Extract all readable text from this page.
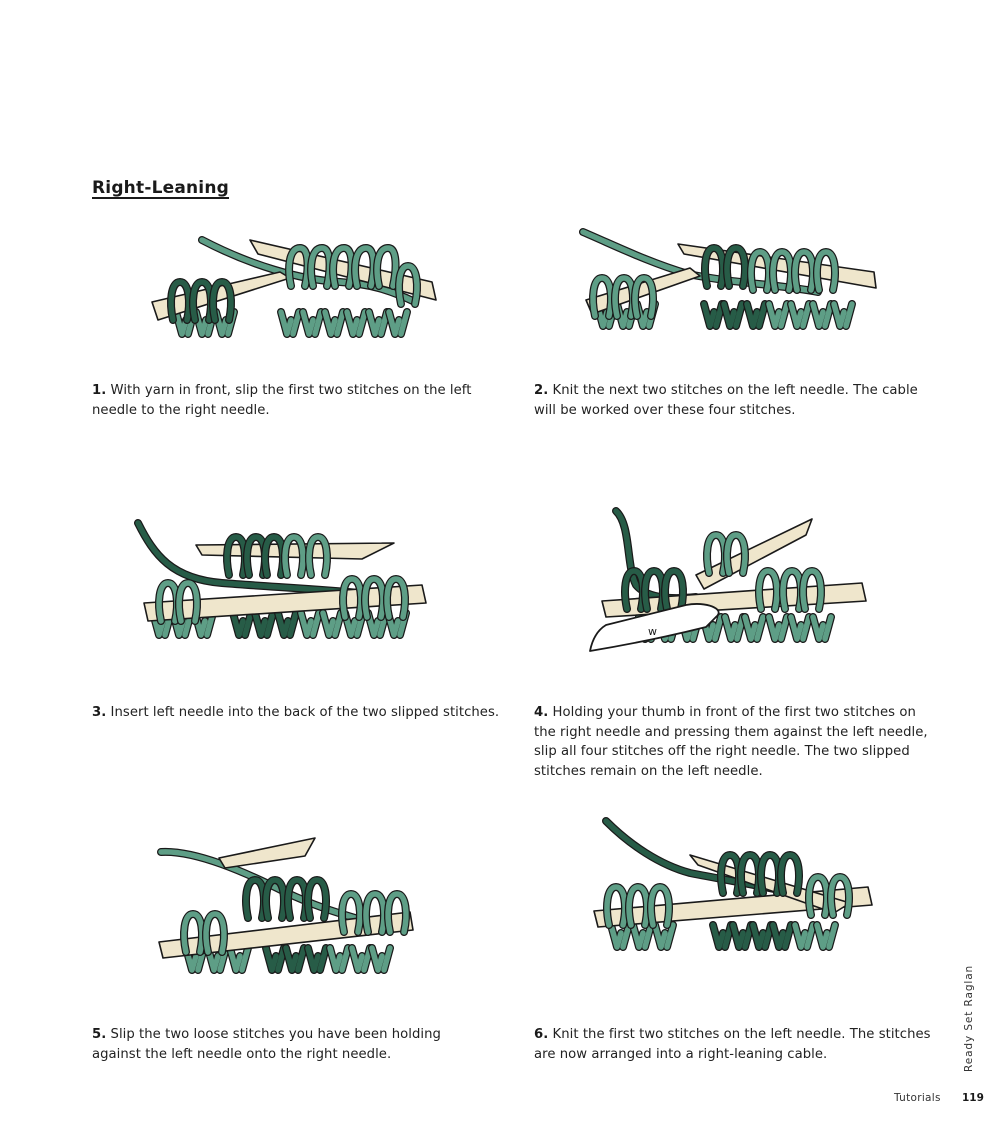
Right-Leaning
w
1. With yarn in front, slip the first two stitches on the left needle to the right needle.
2. Knit the next two stitches on the left needle. The cable will be worked over these four stitches.
3. Insert left needle into the back of the two slipped stitches.	4. Holding your thumb in front of the first two stitches on the right needle and pressing them against the left needle, slip all four stitches off the right needle. The two slipped stitches remain on the left needle.
5. Slip the two loose stitches you have been holding against the left needle onto the right needle.
6. Knit the first two stitches on the left needle. The stitches are now arranged into a right-leaning cable.	Ready Set Raglan
Tutorials 119
